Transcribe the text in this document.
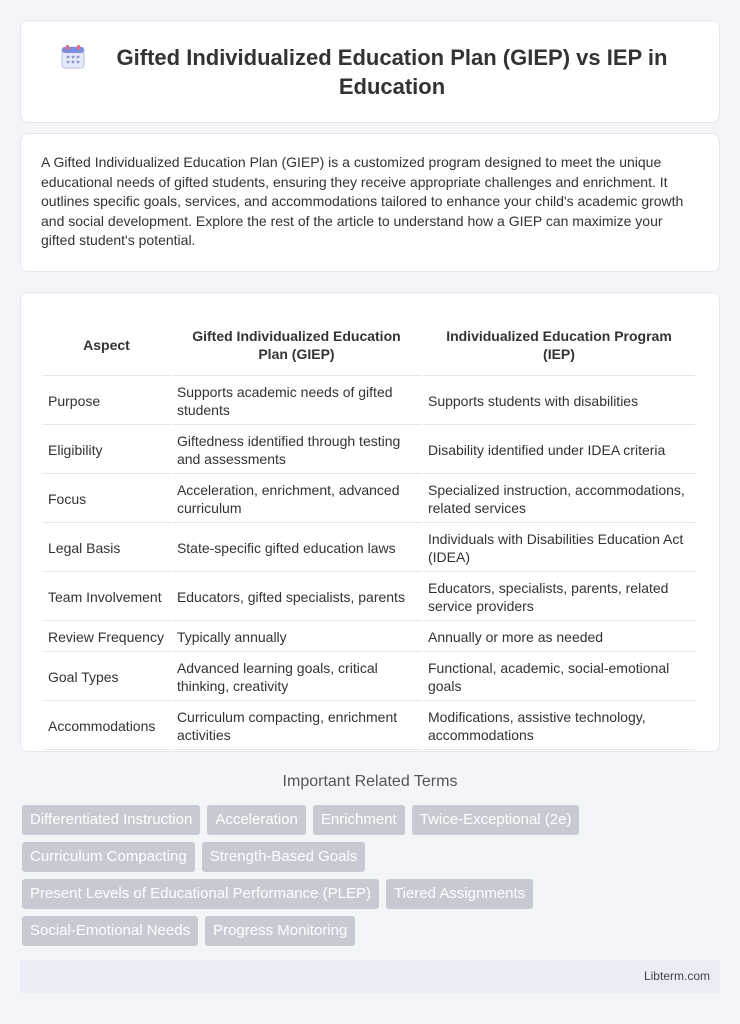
Gifted Individualized Education Plan (GIEP) vs IEP in Education

A Gifted Individualized Education Plan (GIEP) is a customized program designed to meet the unique educational needs of gifted students, ensuring they receive appropriate challenges and enrichment. It outlines specific goals, services, and accommodations tailored to enhance your child's academic growth and social development. Explore the rest of the article to understand how a GIEP can maximize your gifted student's potential.

Aspect	Gifted Individualized Education Plan (GIEP)	Individualized Education Program (IEP)
Purpose	Supports academic needs of gifted students	Supports students with disabilities
Eligibility	Giftedness identified through testing and assessments	Disability identified under IDEA criteria
Focus	Acceleration, enrichment, advanced curriculum	Specialized instruction, accommodations, related services
Legal Basis	State-specific gifted education laws	Individuals with Disabilities Education Act (IDEA)
Team Involvement	Educators, gifted specialists, parents	Educators, specialists, parents, related service providers
Review Frequency	Typically annually	Annually or more as needed
Goal Types	Advanced learning goals, critical thinking, creativity	Functional, academic, social-emotional goals
Accommodations	Curriculum compacting, enrichment activities	Modifications, assistive technology, accommodations
Important Related Terms
Differentiated Instruction	Acceleration	Enrichment	Twice-Exceptional (2e)
Curriculum Compacting	Strength-Based Goals
Present Levels of Educational Performance (PLEP)	Tiered Assignments
Social-Emotional Needs	Progress Monitoring
Libterm.com
